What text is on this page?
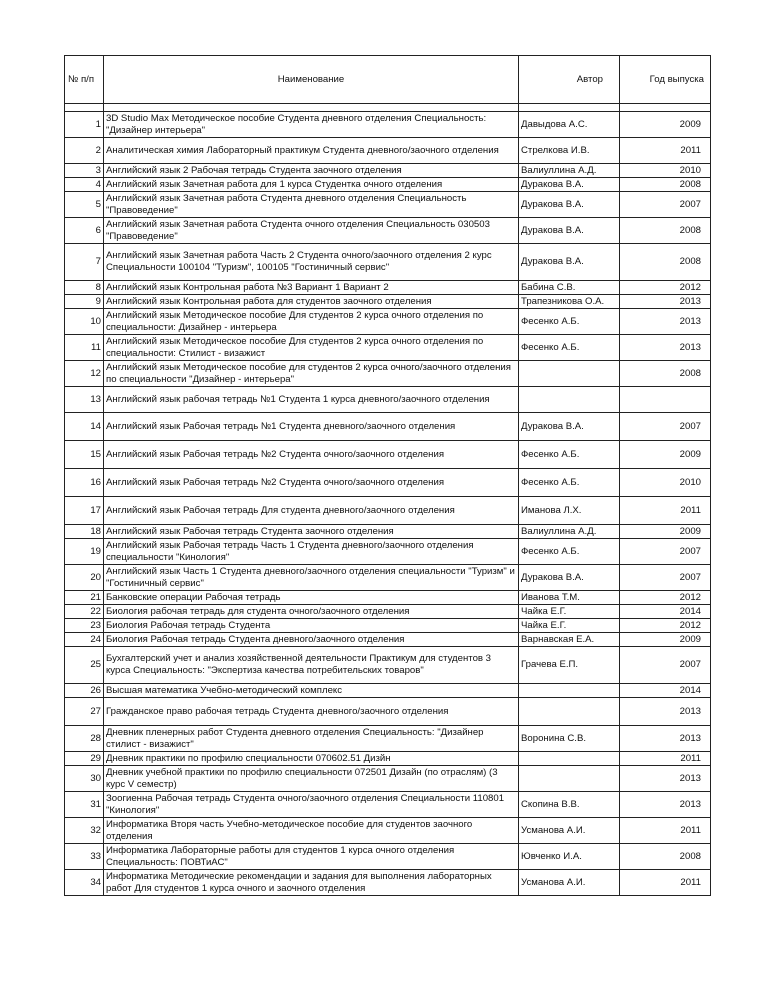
№ п/п	Наименование	Автор	Год выпуска

1	3D Studio Max Методическое пособие Студента дневного отделения Специальность: "Дизайнер интерьера"	Давыдова А.С.	2009
2	Аналитическая химия Лабораторный практикум Студента дневного/заочного отделения	Стрелкова И.В.	2011
3	Английский язык 2 Рабочая тетрадь Студента заочного отделения	Валиуллина А.Д.	2010
4	Английский язык Зачетная работа для 1 курса Студентка очного отделения	Дуракова В.А.	2008
5	Английский язык Зачетная работа Студента дневного отделения Специальность "Правоведение"	Дуракова В.А.	2007
6	Английский язык Зачетная работа Студента очного отделения Специальность 030503 "Правоведение"	Дуракова В.А.	2008
7	Английский язык Зачетная работа Часть 2 Студента очного/заочного отделения 2 курс Специальности 100104 "Туризм", 100105 "Гостиничный сервис"	Дуракова В.А.	2008
8	Английский язык Контрольная работа №3 Вариант 1 Вариант 2	Бабина С.В.	2012
9	Английский язык Контрольная работа для студентов заочного отделения	Трапезникова О.А.	2013
10	Английский язык Методическое пособие Для студентов 2 курса очного отделения по специальности: Дизайнер - интерьера	Фесенко А.Б.	2013
11	Английский язык Методическое пособие Для студентов 2 курса очного отделения по специальности: Стилист - визажист	Фесенко А.Б.	2013
12	Английский язык Методическое пособие для студентов 2 курса очного/заочного отделения по специальности "Дизайнер - интерьера"		2008
13	Английский язык рабочая тетрадь №1 Студента 1 курса дневного/заочного отделения		
14	Английский язык Рабочая тетрадь №1 Студента дневного/заочного отделения	Дуракова В.А.	2007
15	Английский язык Рабочая тетрадь №2 Студента очного/заочного отделения	Фесенко А.Б.	2009
16	Английский язык Рабочая тетрадь №2 Студента очного/заочного отделения	Фесенко А.Б.	2010
17	Английский язык Рабочая тетрадь Для студента дневного/заочного отделения	Иманова Л.Х.	2011
18	Английский язык Рабочая тетрадь Студента заочного отделения	Валиуллина А.Д.	2009
19	Английский язык Рабочая тетрадь Часть 1 Студента дневного/заочного отделения специальности "Кинология"	Фесенко А.Б.	2007
20	Английский язык Часть 1 Студента дневного/заочного отделения специальности "Туризм" и "Гостиничный сервис"	Дуракова В.А.	2007
21	Банковские операции Рабочая тетрадь	Иванова Т.М.	2012
22	Биология рабочая тетрадь для студента очного/заочного отделения	Чайка Е.Г.	2014
23	Биология Рабочая тетрадь Студента	Чайка Е.Г.	2012
24	Биология Рабочая тетрадь Студента дневного/заочного отделения	Варнавская Е.А.	2009
25	Бухгалтерский учет и анализ хозяйственной деятельности Практикум для студентов 3 курса Специальность: "Экспертиза качества потребительских товаров"	Грачева Е.П.	2007
26	Высшая математика Учебно-методический комплекс		2014
27	Гражданское право рабочая тетрадь Студента дневного/заочного отделения		2013
28	Дневник пленерных работ Студента дневного отделения Специальность: "Дизайнер стилист - визажист"	Воронина С.В.	2013
29	Дневник практики по профилю специальности 070602.51 Дизйн		2011
30	Дневник учебной практики по профилю специальности 072501 Дизайн (по отраслям) (3 курс V семестр)		2013
31	Зоогиенна Рабочая тетрадь Студента очного/заочного отделения Специальности 110801 "Кинология"	Скопина В.В.	2013
32	Информатика Вторя часть Учебно-методическое пособие для студентов заочного отделения	Усманова А.И.	2011
33	Информатика Лабораторные работы для студентов 1 курса очного отделения Специальность: ПОВТиАС"	Ювченко И.А.	2008
34	Информатика Методические рекомендации и задания для выполнения лабораторных работ Для студентов 1 курса очного и заочного отделения	Усманова А.И.	2011
